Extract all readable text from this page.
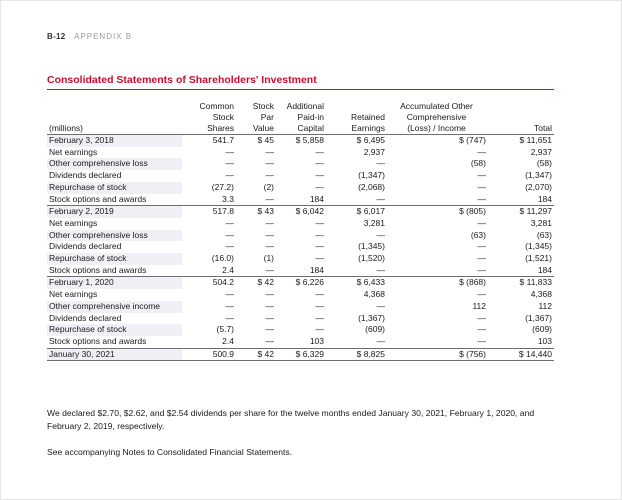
B-12 APPENDIX B
Consolidated Statements of Shareholders' Investment
(millions)	Common
Stock
Shares	Stock
Par
Value	Additional
Paid-in
Capital	Retained
Earnings	Accumulated Other
Comprehensive
(Loss) / Income	Total
February 3, 2018	541.7	$ 45	$ 5,858	$ 6,495	$ (747)	$ 11,651
Net earnings	—	—	—	2,937	—	2,937
Other comprehensive loss	—	—	—	—	(58)	(58)
Dividends declared	—	—	—	(1,347)	—	(1,347)
Repurchase of stock	(27.2)	(2)	—	(2,068)	—	(2,070)
Stock options and awards	3.3	—	184	—	—	184
February 2, 2019	517.8	$ 43	$ 6,042	$ 6,017	$ (805)	$ 11,297
Net earnings	—	—	—	3,281	—	3,281
Other comprehensive loss	—	—	—	—	(63)	(63)
Dividends declared	—	—	—	(1,345)	—	(1,345)
Repurchase of stock	(16.0)	(1)	—	(1,520)	—	(1,521)
Stock options and awards	2.4	—	184	—	—	184
February 1, 2020	504.2	$ 42	$ 6,226	$ 6,433	$ (868)	$ 11,833
Net earnings	—	—	—	4,368	—	4,368
Other comprehensive income	—	—	—	—	112	112
Dividends declared	—	—	—	(1,367)	—	(1,367)
Repurchase of stock	(5.7)	—	—	(609)	—	(609)
Stock options and awards	2.4	—	103	—	—	103
January 30, 2021	500.9	$ 42	$ 6,329	$ 8,825	$ (756)	$ 14,440
We declared $2.70, $2.62, and $2.54 dividends per share for the twelve months ended January 30, 2021, February 1, 2020, and February 2, 2019, respectively.
See accompanying Notes to Consolidated Financial Statements.
